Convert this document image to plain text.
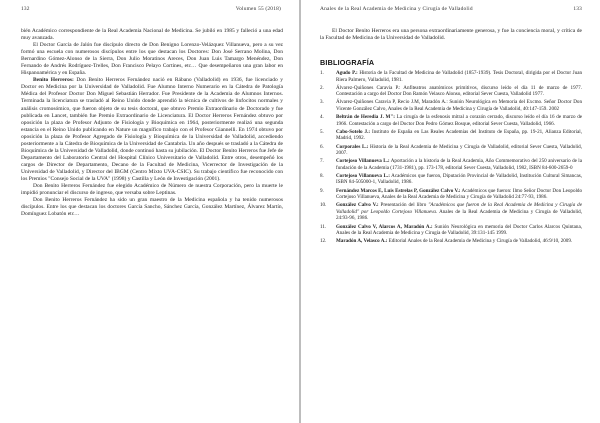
132	Volumen 55 (2018)

bién Académico correspondiente de la Real Academia Nacional de Medicina. Se jubiló en 1985 y falleció a una edad muy avanzada.

El Doctor García de Jalón fue discípulo directo de Don Benigno Lorenzo-Velázquez Villanueva, pero a su vez formó una escuela con numerosos discípulos entre los que destacan los Doctores: Don José Serrano Molina, Don Bernardino Gómez-Alonso de la Sierra, Don Julio Moratinos Areces, Don Juan Luis Tamargo Menéndez, Don Fernando de Andrés Rodríguez-Trelles, Don Francisco Pelayo Cortines, etc… Que desempeñaron una gran labor en Hispanoamérica y en España.

Benito Herreros: Don Benito Herreros Fernández nació en Rábano (Valladolid) en 1936, fue licenciado y Doctor en Medicina por la Universidad de Valladolid. Fue Alumno Interno Numerario en la Cátedra de Patología Médica del Profesor Doctor Don Miguel Sebastián Herrador. Fue Presidente de la Academia de Alumnos Internos. Terminada la licenciatura se trasladó al Reino Unido donde aprendió la técnica de cultivos de linfocitos normales y análisis cromosómico, que fueron objeto de su tesis doctoral, que obtuvo Premio Extraordinario de Doctorado y fue publicada en Lancet, también fue Premio Extraordinario de Licenciatura. El Doctor Herreros Fernández obtuvo por oposición la plaza de Profesor Adjunto de Fisiología y Bioquímica en 1964, posteriormente realizó una segunda estancia en el Reino Unido publicando en Nature un magnífico trabajo con el Profesor Giannelli. En 1974 obtuvo por oposición la plaza de Profesor Agregado de Fisiología y Bioquímica de la Universidad de Valladolid, accediendo posteriormente a la Cátedra de Bioquímica de la Universidad de Cantabria. Un año después se trasladó a la Cátedra de Bioquímica de la Universidad de Valladolid, donde continuó hasta su jubilación. El Doctor Benito Herreros fue Jefe de Departamento del Laboratorio Central del Hospital Clínico Universitario de Valladolid. Entre otros, desempeñó los cargos de Director de Departamento, Decano de la Facultad de Medicina, Vicerrector de Investigación de la Universidad de Valladolid, y Director del IBGM (Centro Mixto UVA-CSIC). Su trabajo científico fue reconocido con los Premios "Consejo Social de la UVA" (1998) y Castilla y León de Investigación (2001).

Don Benito Herreros Fernández fue elegido Académico de Número de nuestra Corporación, pero la muerte le impidió pronunciar el discurso de ingreso, que versaba sobre Leptinas.

Don Benito Herreros Fernández ha sido un gran maestro de la Medicina española y ha tenido numerosos discípulos. Entre los que destacan los doctores García Sancho, Sánchez García, González Martínez, Álvarez Martín, Domínguez Lobatón etc…

Anales de la Real Academia de Medicina y Cirugía de Valladolid	133

El Doctor Benito Herreros era una persona extraordinariamente generosa, y fue la conciencia moral, y crítica de la Facultad de Medicina de la Universidad de Valladolid.

BIBLIOGRAFÍA
1.	Agudo P.: Historia de la Facultad de Medicina de Valladolid (1857-1939). Tesis Doctoral, dirigida por el Doctor Juan Riera Palmero, Valladolid, 1981.
2.	Álvarez-Quiñones Caravia P.: Anfiteatros anatómicos primitivos, discurso leído el día 11 de marzo de 1977. Contestación a cargo del Doctor Don Ramón Velasco Alonso, editorial Sever Cuesta, Valladolid 1977.
3.	Álvarez-Quiñones Caravia P, Recio J.M, Maradón A.: Sunión Neurológica en Memoria del Excmo. Señor Doctor Don Vicente González Calvo, Anales de la Real Academia de Medicina y Cirugía de Valladolid, 40:147-159. 2002
4.	Beltrán de Heredia J. M": La cirugía de la esfenosis mitral a corazón cerrado, discurso leído el día 16 de marzo de 1966. Contestación a cargo del Doctor Don Pedro Gómez Bosque, editorial Sever Cuesta, Valladolid, 1966.
5.	Cabo-Sotelo J.: Instituto de España en Las Reales Academias del Instituto de España, pp. 19-21, Alianza Editorial, Madrid, 1992.
6.	Corporales L.: Historia de la Real Academia de Medicina y Cirugía de Valladolid, editorial Sever Cuesta, Valladolid, 2007.
7.	Cortejoso Villanueva L.: Aportación a la historia de la Real Academia, Año Commemorativo del 250 aniversario de la fundación de la Academia (1731-1981), pp. 173-178, editorial Sever Cuesta, Valladolid, 1982, ISBN 84-600-2659-0
8.	Cortejoso Villanueva L.: Académicos que fueron, Diputación Provincial de Valladolid, Institución Cultural Simancas, ISBN 84-505000-1, Valladolid, 1986.
9.	Fernández Marcos E, Luis Estrelas P, González Calvo V.: Académicos que fueron: Ilmo Señor Doctor Don Leopoldo Cortejoso Villanueva, Anales de la Real Academia de Medicina y Cirugía de Valladolid 24:77-93, 1986.
10.	González Calvo V.: Presentación del libro "Académicos que fueron de la Real Academia de Medicina y Cirugía de Valladolid" por Leopoldo Cortejoso Villanueva. Anales de la Real Academia de Medicina y Cirugía de Valladolid, 24:93-96, 1986.
11.	González Calvo V, Alarcos A, Maradón A.: Sunión Neurológica en memoria del Doctor Carlos Alarcos Quintana, Anales de la Real Academia de Medicina y Cirugía de Valladolid, 39:131-145 1999.
12.	Maradón A, Velasco A.: Editorial Anales de la Real Academia de Medicina y Cirugía de Valladolid, 46:9/10, 2009.
